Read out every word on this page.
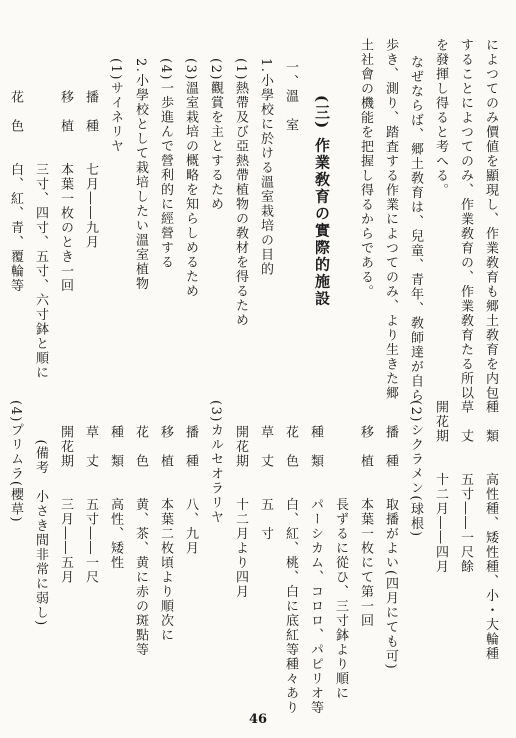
によつてのみ價値を顯現し、作業敎育も郷土敎育を内包

することによつてのみ、作業敎育の、作業敎育たる所以

を發揮し得ると考へる。

なぜならば、郷土敎育は、兒童、青年、敎師達が自ら

歩き、測り、踏査する作業によつてのみ、より生きた郷

土社會の機能を把握し得るからである。

(三) 作業敎育の實際的施設

一、溫　室

1.小學校に於ける溫室栽培の目的

(1)熱帶及び亞熱帶植物の敎材を得るため

(2)觀賞を主とするため

(3)溫室栽培の概略を知らしめるため

(4)一歩進んで營利的に經營する

2.小學校として栽培したい溫室植物

(1)サイネリヤ

播　種　　七月――九月

移　植　　本葉一枚のとき一回

　　　　　三寸、四寸、五寸、六寸鉢と順に

花　色　　白、紅、青、覆輪等

種　類　　高性種、矮性種、小・大輪種

草　丈　　五寸――一尺餘

開花期　　十二月――四月

(2)シクラメン(球根)

播　種　　取播がよい(四月にても可)

移　植　　本葉一枚にて第一回

　　　　　長ずるに從ひ、三寸鉢より順に

種　類　　パーシカム、コロロ、パピリオ等

花　色　　白、紅、桃、白に底紅等種々あり

草　丈　　五　寸

開花期　　十二月より四月

(3)カルセオラリヤ

播　種　　八、九月

移　植　　本葉二枚頃より順次に

花　色　　黄、茶、黄に赤の斑點等

種　類　　高性、矮性

草　丈　　五寸――一尺

開花期　　三月――五月

　(備考　小さき間非常に弱し)

(4)プリムラ(櫻草)

46
